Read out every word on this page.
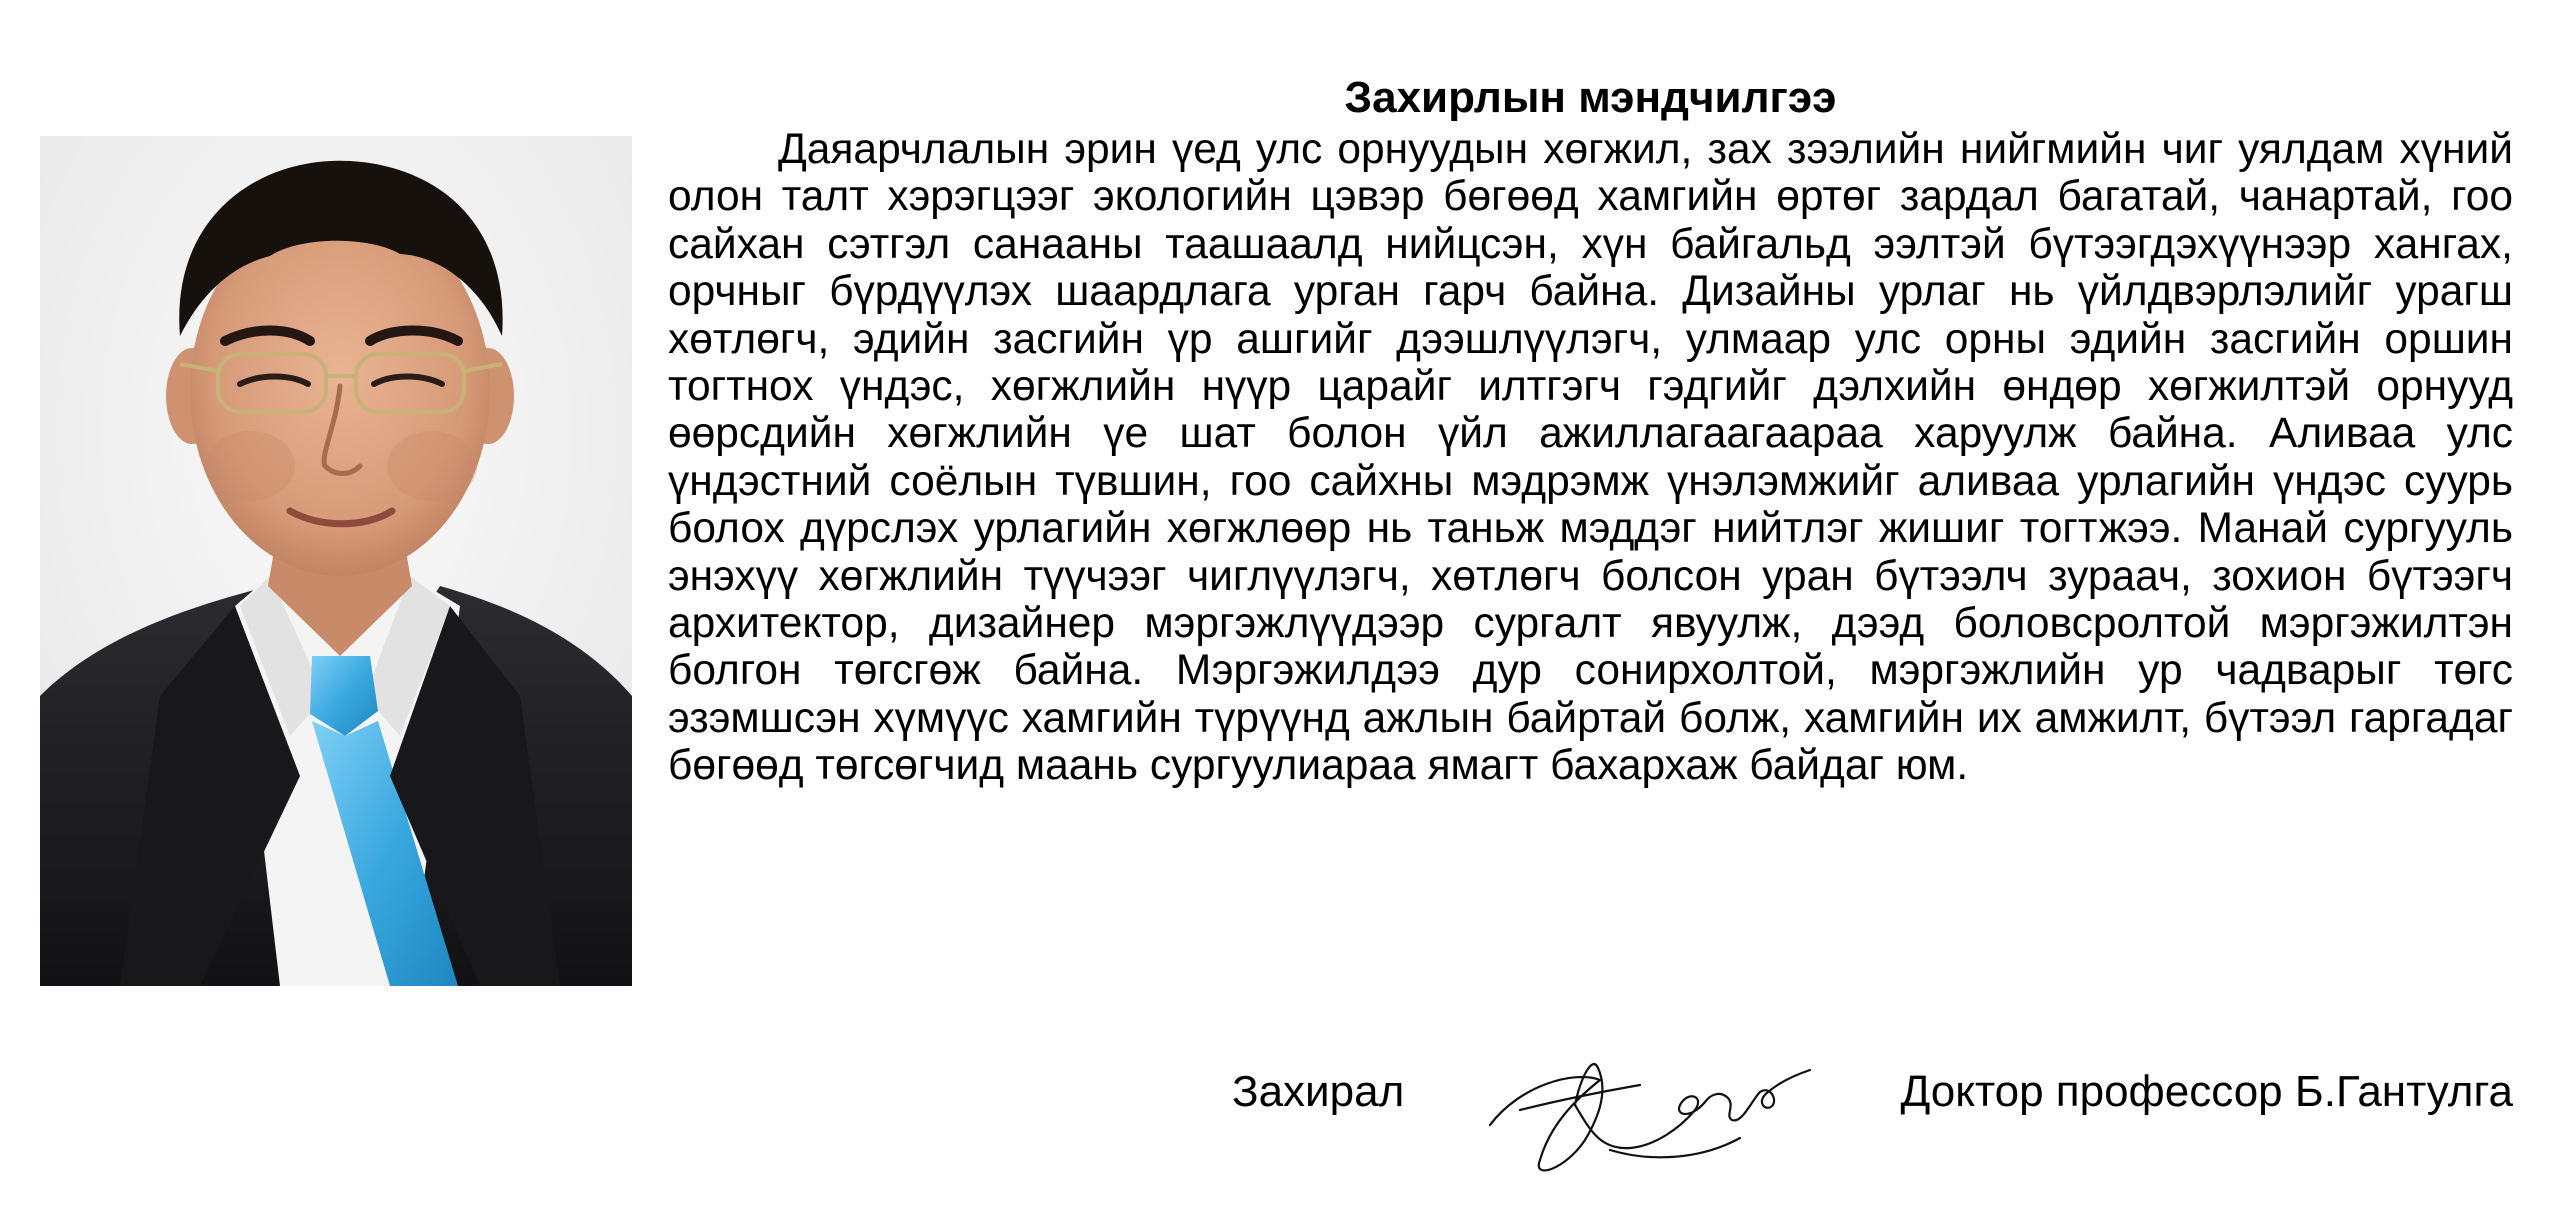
Захирлын мэндчилгээ

Даяарчлалын эрин үед улс орнуудын хөгжил, зах зээлийн нийгмийн чиг уялдам хүний олон талт хэрэгцээг экологийн цэвэр бөгөөд хамгийн өртөг зардал багатай, чанартай, гоо сайхан сэтгэл санааны таашаалд нийцсэн, хүн байгальд ээлтэй бүтээгдэхүүнээр хангах, орчныг бүрдүүлэх шаардлага урган гарч байна. Дизайны урлаг нь үйлдвэрлэлийг урагш хөтлөгч, эдийн засгийн үр ашгийг дээшлүүлэгч, улмаар улс орны эдийн засгийн оршин тогтнох үндэс, хөгжлийн нүүр царайг илтгэгч гэдгийг дэлхийн өндөр хөгжилтэй орнууд өөрсдийн хөгжлийн үе шат болон үйл ажиллагаагаараа харуулж байна. Аливаа улс үндэстний соёлын түвшин, гоо сайхны мэдрэмж үнэлэмжийг аливаа урлагийн үндэс суурь болох дүрслэх урлагийн хөгжлөөр нь таньж мэддэг нийтлэг жишиг тогтжээ. Манай сургууль энэхүү хөгжлийн түүчээг чиглүүлэгч, хөтлөгч болсон уран бүтээлч зураач, зохион бүтээгч архитектор, дизайнер мэргэжлүүдээр сургалт явуулж, дээд боловсролтой мэргэжилтэн болгон төгсгөж байна. Мэргэжилдээ дур сонирхолтой, мэргэжлийн ур чадварыг төгс эзэмшсэн хүмүүс хамгийн түрүүнд ажлын байртай болж, хамгийн их амжилт, бүтээл гаргадаг бөгөөд төгсөгчид маань сургуулиараа ямагт бахархаж байдаг юм.

Захирал	Доктор профессор Б.Гантулга
